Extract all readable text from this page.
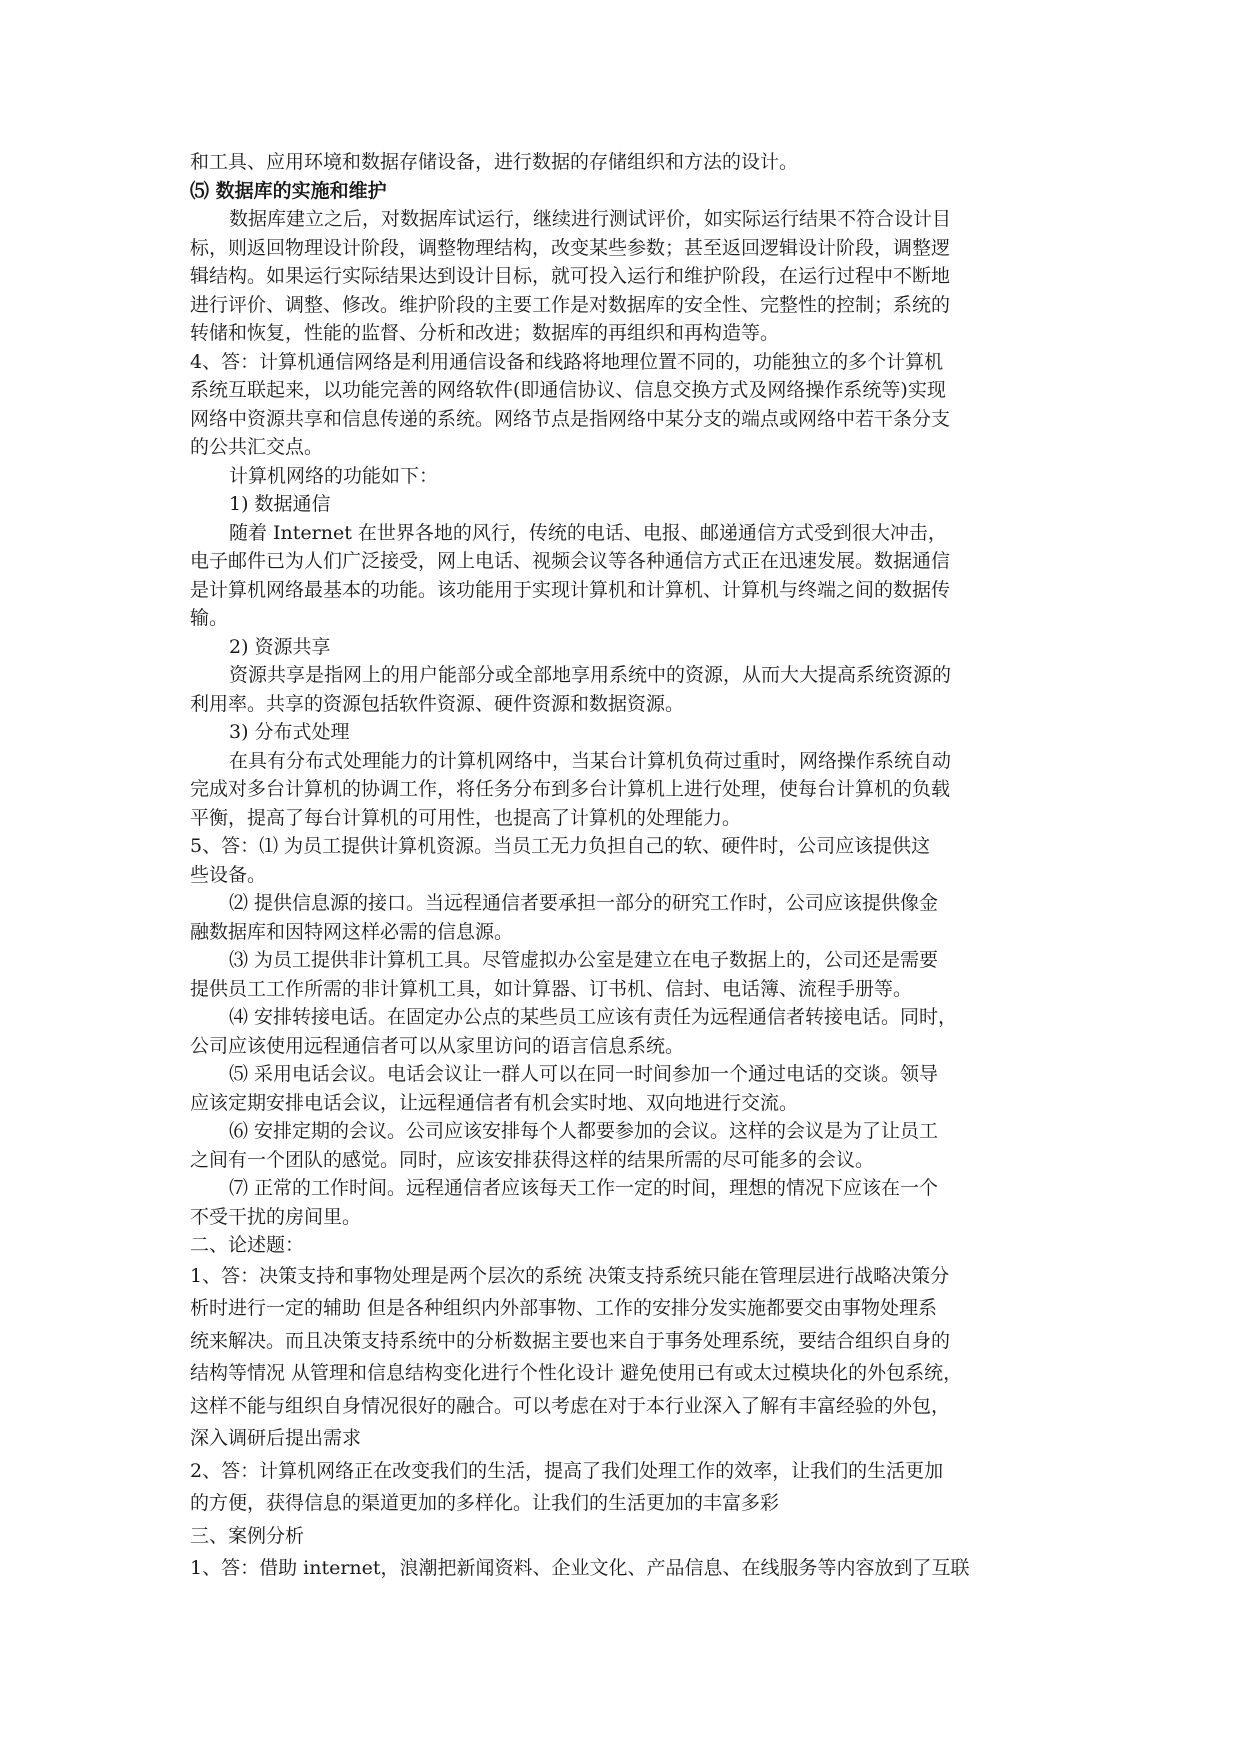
和工具、应用环境和数据存储设备，进行数据的存储组织和方法的设计。
⑸ 数据库的实施和维护
数据库建立之后，对数据库试运行，继续进行测试评价，如实际运行结果不符合设计目
标，则返回物理设计阶段，调整物理结构，改变某些参数；甚至返回逻辑设计阶段，调整逻
辑结构。如果运行实际结果达到设计目标，就可投入运行和维护阶段，在运行过程中不断地
进行评价、调整、修改。维护阶段的主要工作是对数据库的安全性、完整性的控制；系统的
转储和恢复，性能的监督、分析和改进；数据库的再组织和再构造等。
4、答：计算机通信网络是利用通信设备和线路将地理位置不同的，功能独立的多个计算机
系统互联起来，以功能完善的网络软件(即通信协议、信息交换方式及网络操作系统等)实现
网络中资源共享和信息传递的系统。网络节点是指网络中某分支的端点或网络中若干条分支
的公共汇交点。
计算机网络的功能如下：
1) 数据通信
随着 Internet 在世界各地的风行，传统的电话、电报、邮递通信方式受到很大冲击，
电子邮件已为人们广泛接受，网上电话、视频会议等各种通信方式正在迅速发展。数据通信
是计算机网络最基本的功能。该功能用于实现计算机和计算机、计算机与终端之间的数据传
输。
2) 资源共享
资源共享是指网上的用户能部分或全部地享用系统中的资源，从而大大提高系统资源的
利用率。共享的资源包括软件资源、硬件资源和数据资源。
3) 分布式处理
在具有分布式处理能力的计算机网络中，当某台计算机负荷过重时，网络操作系统自动
完成对多台计算机的协调工作，将任务分布到多台计算机上进行处理，使每台计算机的负载
平衡，提高了每台计算机的可用性，也提高了计算机的处理能力。
5、答：⑴ 为员工提供计算机资源。当员工无力负担自己的软、硬件时，公司应该提供这
些设备。
⑵ 提供信息源的接口。当远程通信者要承担一部分的研究工作时，公司应该提供像金
融数据库和因特网这样必需的信息源。
⑶ 为员工提供非计算机工具。尽管虚拟办公室是建立在电子数据上的，公司还是需要
提供员工工作所需的非计算机工具，如计算器、订书机、信封、电话簿、流程手册等。
⑷ 安排转接电话。在固定办公点的某些员工应该有责任为远程通信者转接电话。同时，
公司应该使用远程通信者可以从家里访问的语言信息系统。
⑸ 采用电话会议。电话会议让一群人可以在同一时间参加一个通过电话的交谈。领导
应该定期安排电话会议，让远程通信者有机会实时地、双向地进行交流。
⑹ 安排定期的会议。公司应该安排每个人都要参加的会议。这样的会议是为了让员工
之间有一个团队的感觉。同时，应该安排获得这样的结果所需的尽可能多的会议。
⑺ 正常的工作时间。远程通信者应该每天工作一定的时间，理想的情况下应该在一个
不受干扰的房间里。
二、论述题：
1、答：决策支持和事物处理是两个层次的系统 决策支持系统只能在管理层进行战略决策分
析时进行一定的辅助 但是各种组织内外部事物、工作的安排分发实施都要交由事物处理系
统来解决。而且决策支持系统中的分析数据主要也来自于事务处理系统，要结合组织自身的
结构等情况 从管理和信息结构变化进行个性化设计 避免使用已有或太过模块化的外包系统，
这样不能与组织自身情况很好的融合。可以考虑在对于本行业深入了解有丰富经验的外包，
深入调研后提出需求
2、答：计算机网络正在改变我们的生活，提高了我们处理工作的效率，让我们的生活更加
的方便，获得信息的渠道更加的多样化。让我们的生活更加的丰富多彩
三、案例分析
1、答：借助 internet，浪潮把新闻资料、企业文化、产品信息、在线服务等内容放到了互联
